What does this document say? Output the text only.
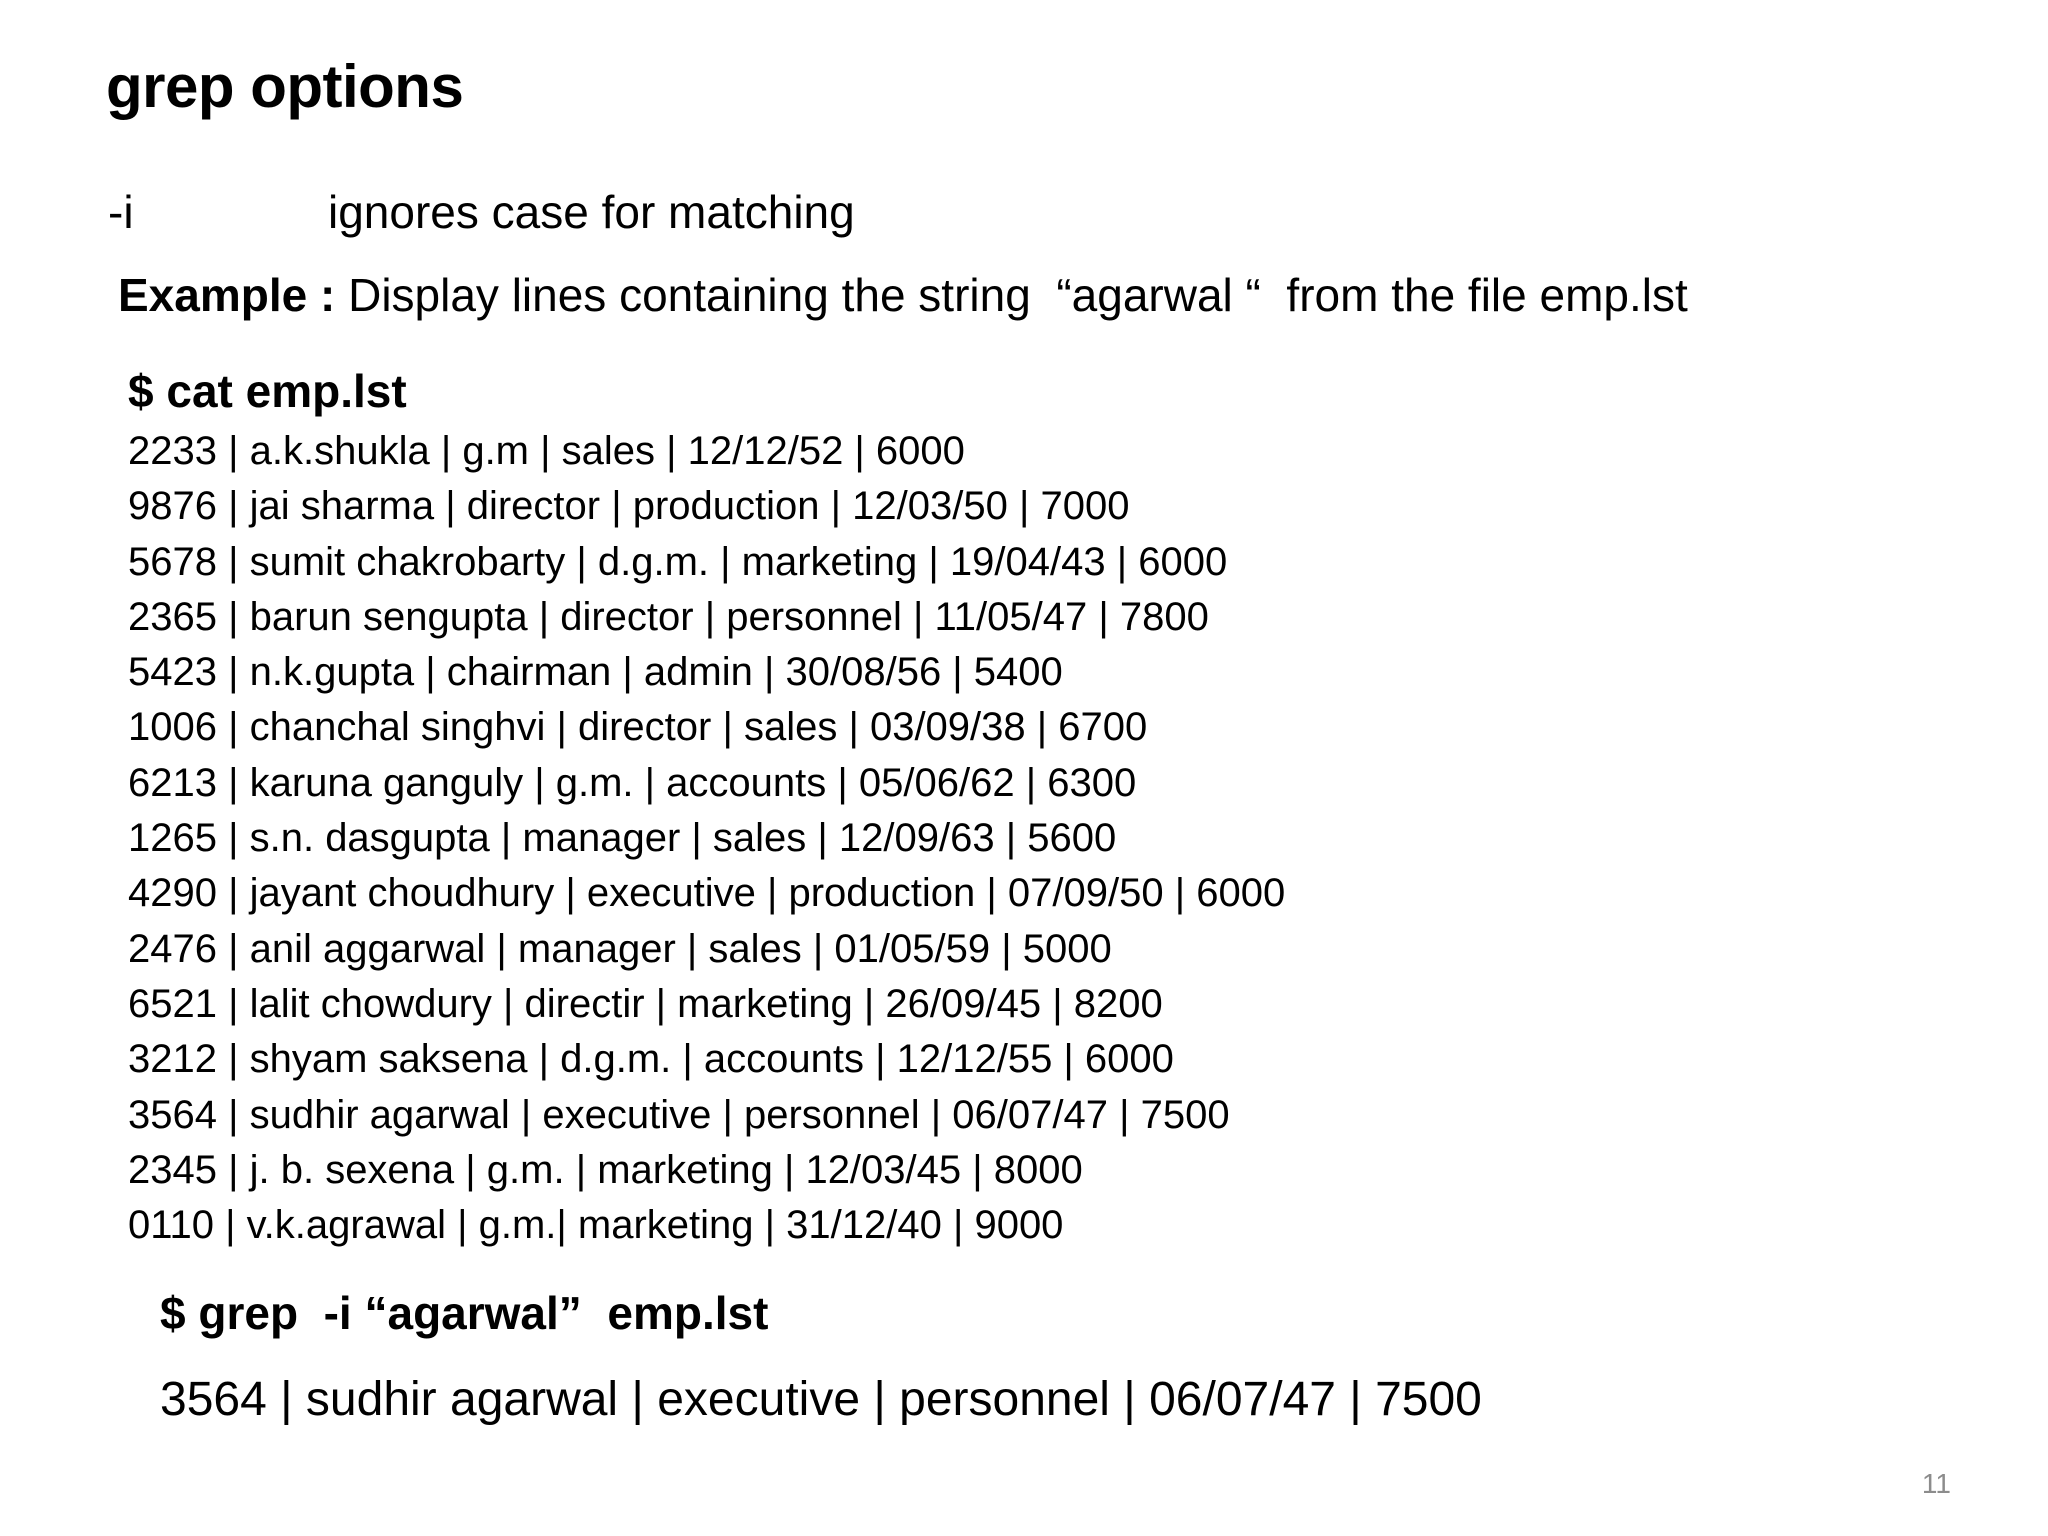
grep options
-i	ignores case for matching
Example : Display lines containing the string  “agarwal “  from the file emp.lst
$ cat emp.lst
2233 | a.k.shukla | g.m | sales | 12/12/52 | 6000
9876 | jai sharma | director | production | 12/03/50 | 7000
5678 | sumit chakrobarty | d.g.m. | marketing | 19/04/43 | 6000
2365 | barun sengupta | director | personnel | 11/05/47 | 7800
5423 | n.k.gupta | chairman | admin | 30/08/56 | 5400
1006 | chanchal singhvi | director | sales | 03/09/38 | 6700
6213 | karuna ganguly | g.m. | accounts | 05/06/62 | 6300
1265 | s.n. dasgupta | manager | sales | 12/09/63 | 5600
4290 | jayant choudhury | executive | production | 07/09/50 | 6000
2476 | anil aggarwal | manager | sales | 01/05/59 | 5000
6521 | lalit chowdury | directir | marketing | 26/09/45 | 8200
3212 | shyam saksena | d.g.m. | accounts | 12/12/55 | 6000
3564 | sudhir agarwal | executive | personnel | 06/07/47 | 7500
2345 | j. b. sexena | g.m. | marketing | 12/03/45 | 8000
0110 | v.k.agrawal | g.m.| marketing | 31/12/40 | 9000
$ grep  -i “agarwal”  emp.lst
3564 | sudhir agarwal | executive | personnel | 06/07/47 | 7500
11
